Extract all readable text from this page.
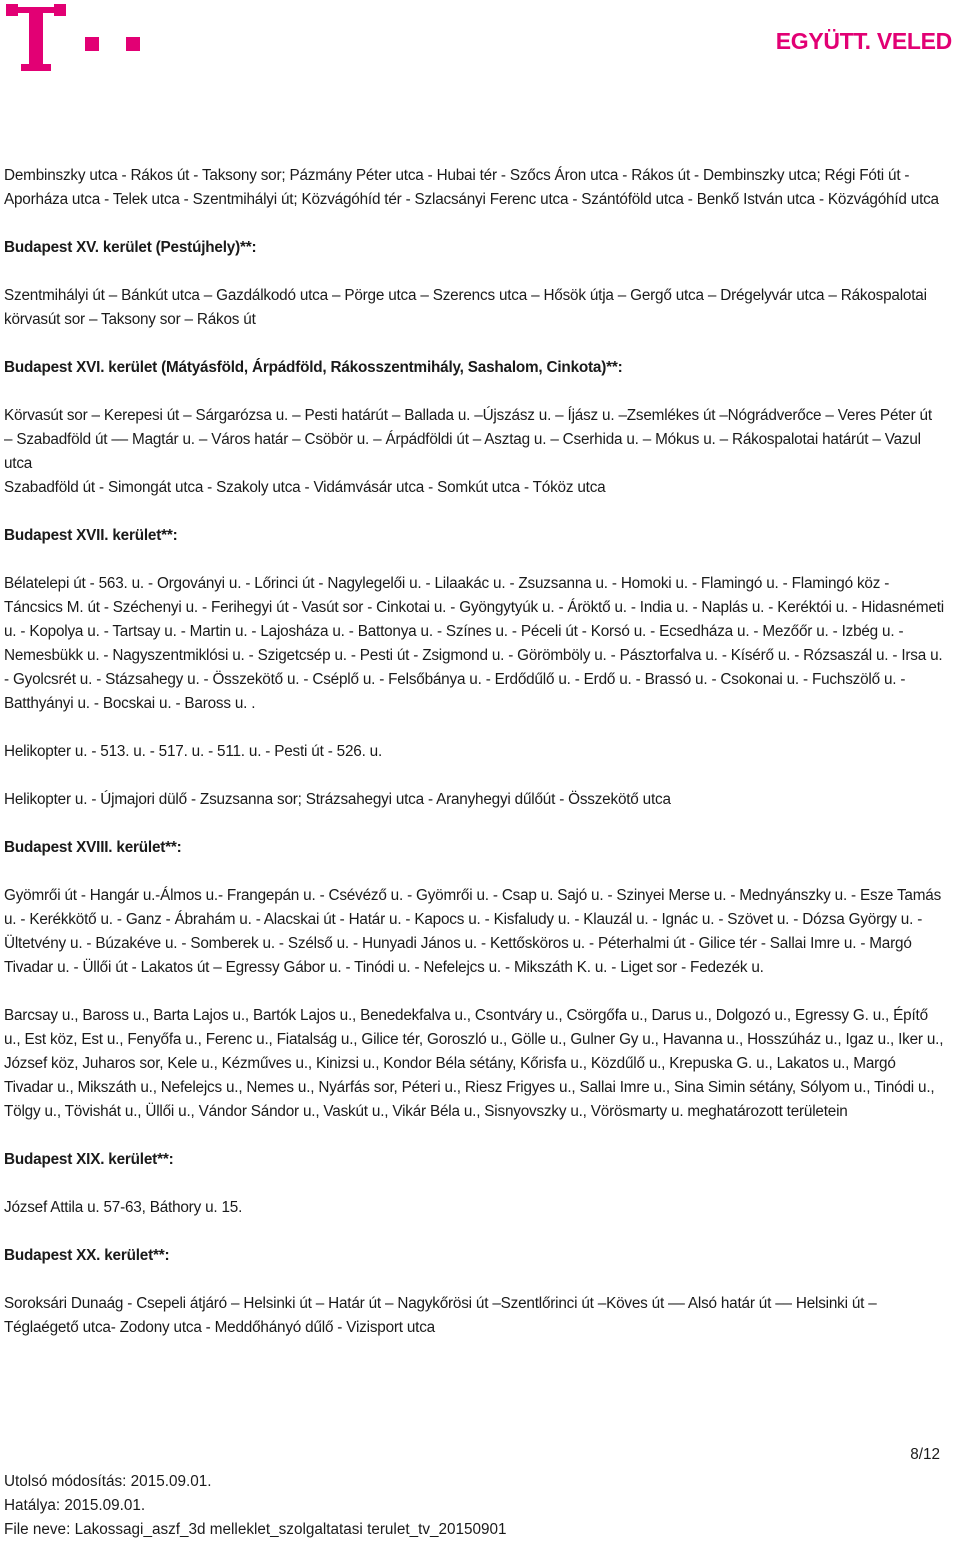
EGYÜTT. VELED

Dembinszky utca - Rákos út - Taksony sor; Pázmány Péter utca - Hubai tér - Szőcs Áron utca - Rákos út - Dembinszky utca; Régi Fóti út - Aporháza utca - Telek utca - Szentmihályi út; Közvágóhíd tér - Szlacsányi Ferenc utca - Szántóföld utca - Benkő István utca - Közvágóhíd utca

Budapest XV. kerület (Pestújhely)**:

Szentmihályi út – Bánkút utca – Gazdálkodó utca – Pörge utca – Szerencs utca – Hősök útja – Gergő utca – Drégelyvár utca – Rákospalotai körvasút sor – Taksony sor – Rákos út

Budapest XVI. kerület (Mátyásföld, Árpádföld, Rákosszentmihály, Sashalom, Cinkota)**:

Körvasút sor – Kerepesi út – Sárgarózsa u. – Pesti határút – Ballada u. –Újszász u. – Íjász u. –Zsemlékes út –Nógrádverőce – Veres Péter út – Szabadföld út –– Magtár u. – Város határ – Csöbör u. – Árpádföldi út – Asztag u. – Cserhida u. – Mókus u. – Rákospalotai határút – Vazul utca

Szabadföld út - Simongát utca - Szakoly utca - Vidámvásár utca - Somkút utca - Tóköz utca

Budapest XVII. kerület**:

Bélatelepi út - 563. u. - Orgoványi u. - Lőrinci út - Nagylegelői u. - Lilaakác u. - Zsuzsanna u. - Homoki u. - Flamingó u. - Flamingó köz - Táncsics M. út - Széchenyi u. - Ferihegyi út - Vasút sor - Cinkotai u. - Gyöngytyúk u. - Áröktő u. - India u. - Naplás u. - Keréktói u. - Hidasnémeti u. - Kopolya u. - Tartsay u. - Martin u. - Lajosháza u. - Battonya u. - Színes u. - Péceli út - Korsó u. - Ecsedháza u. - Mezőőr u. - Izbég u. - Nemesbükk u. - Nagyszentmiklósi u. - Szigetcsép u. - Pesti út - Zsigmond u. - Görömböly u. - Pásztorfalva u. - Kísérő u. - Rózsaszál u. - Irsa u. - Gyolcsrét u. - Stázsahegy u. - Összekötő u. - Cséplő u. - Felsőbánya u. - Erdődűlő u. - Erdő u. - Brassó u. - Csokonai u. - Fuchszölő u. - Batthyányi u. - Bocskai u. - Baross u. .

Helikopter u. - 513. u. - 517. u. - 511. u. - Pesti út - 526. u.

Helikopter u. - Újmajori dülő - Zsuzsanna sor; Strázsahegyi utca - Aranyhegyi dűlőút - Összekötő utca

Budapest XVIII. kerület**:

Gyömrői út - Hangár u.-Álmos u.- Frangepán u. - Csévéző u. - Gyömrői u. - Csap u. Sajó u. - Szinyei Merse u. - Mednyánszky u. - Esze Tamás u. - Kerékkötő u. - Ganz - Ábrahám u. - Alacskai út - Határ u. - Kapocs u. - Kisfaludy u. - Klauzál u. - Ignác u. - Szövet u. - Dózsa György u. - Ültetvény u. - Búzakéve u. - Somberek u. - Szélső u. - Hunyadi János u. - Kettősköros u. - Péterhalmi út - Gilice tér - Sallai Imre u. - Margó Tivadar u. - Üllői út - Lakatos út – Egressy Gábor u. - Tinódi u. - Nefelejcs u. - Mikszáth K. u. - Liget sor - Fedezék u.

Barcsay u., Baross u., Barta Lajos u., Bartók Lajos u., Benedekfalva u., Csontváry u., Csörgőfa u., Darus u., Dolgozó u., Egressy G. u., Építő u., Est köz, Est u., Fenyőfa u., Ferenc u., Fiatalság u., Gilice tér, Goroszló u., Gölle u., Gulner Gy u., Havanna u., Hosszúház u., Igaz u., Iker u., József köz, Juharos sor, Kele u., Kézműves u., Kinizsi u., Kondor Béla sétány, Kőrisfa u., Közdűlő u., Krepuska G. u., Lakatos u., Margó Tivadar u., Mikszáth u., Nefelejcs u., Nemes u., Nyárfás sor, Péteri u., Riesz Frigyes u., Sallai Imre u., Sina Simin sétány, Sólyom u., Tinódi u., Tölgy u., Tövishát u., Üllői u., Vándor Sándor u., Vaskút u., Vikár Béla u., Sisnyovszky u., Vörösmarty u. meghatározott területein

Budapest XIX. kerület**:

József Attila u. 57-63, Báthory u. 15.

Budapest XX. kerület**:

Soroksári Dunaág - Csepeli átjáró – Helsinki út – Határ út – Nagykőrösi út –Szentlőrinci út –Köves út –– Alsó határ út –– Helsinki út – Téglaégető utca- Zodony utca - Meddőhányó dűlő - Vizisport utca

8/12
Utolsó módosítás: 2015.09.01.
Hatálya: 2015.09.01.
File neve: Lakossagi_aszf_3d melleklet_szolgaltatasi terulet_tv_20150901
